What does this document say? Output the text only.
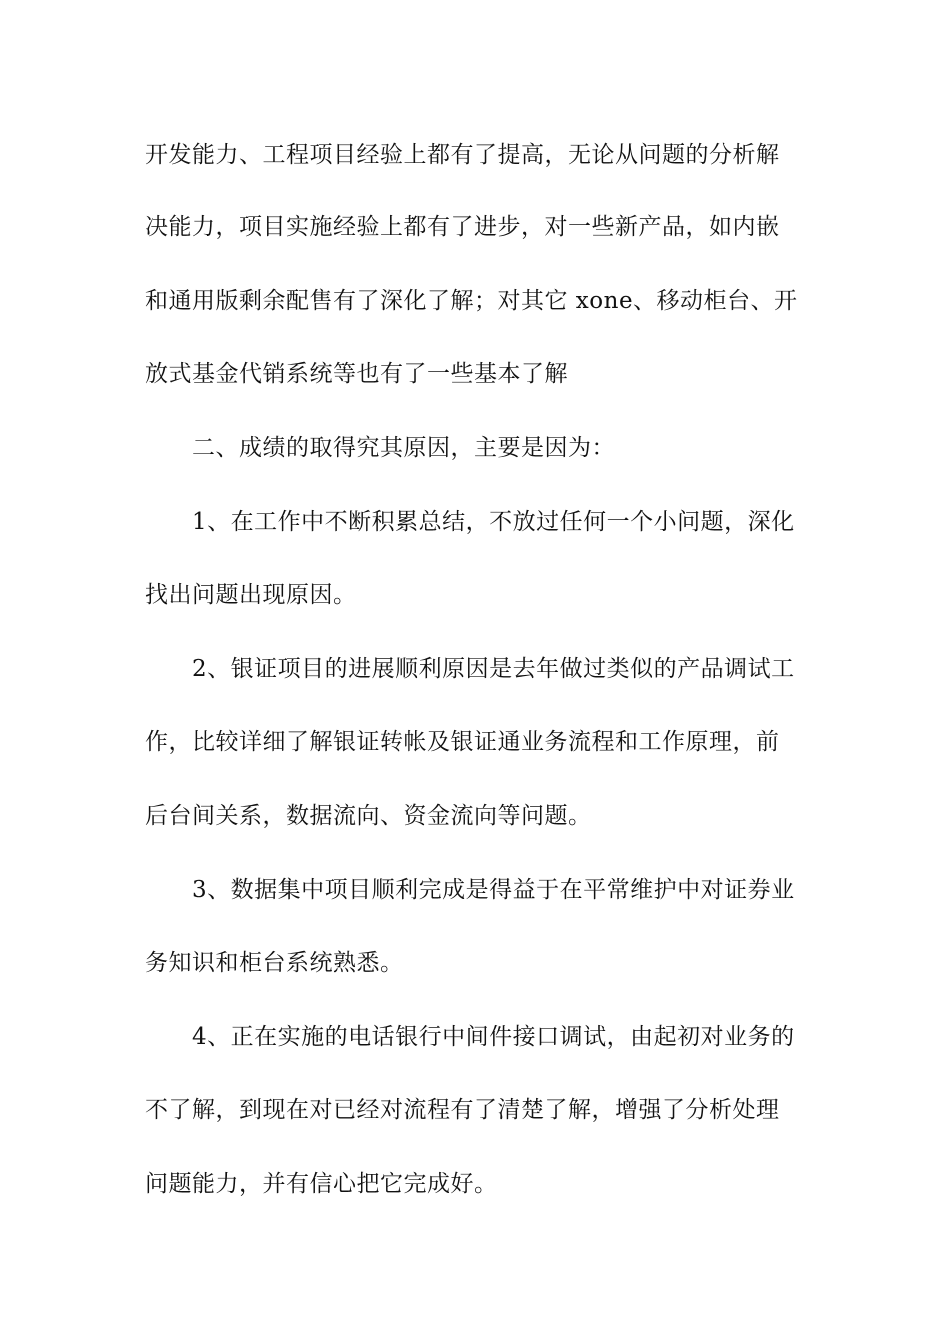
开发能力、工程项目经验上都有了提高，无论从问题的分析解
决能力，项目实施经验上都有了进步，对一些新产品，如内嵌
和通用版剩余配售有了深化了解；对其它 xone、移动柜台、开
放式基金代销系统等也有了一些基本了解
二、成绩的取得究其原因，主要是因为：
1、在工作中不断积累总结，不放过任何一个小问题，深化
找出问题出现原因。
2、银证项目的进展顺利原因是去年做过类似的产品调试工
作，比较详细了解银证转帐及银证通业务流程和工作原理，前
后台间关系，数据流向、资金流向等问题。
3、数据集中项目顺利完成是得益于在平常维护中对证券业
务知识和柜台系统熟悉。
4、正在实施的电话银行中间件接口调试，由起初对业务的
不了解，到现在对已经对流程有了清楚了解，增强了分析处理
问题能力，并有信心把它完成好。
